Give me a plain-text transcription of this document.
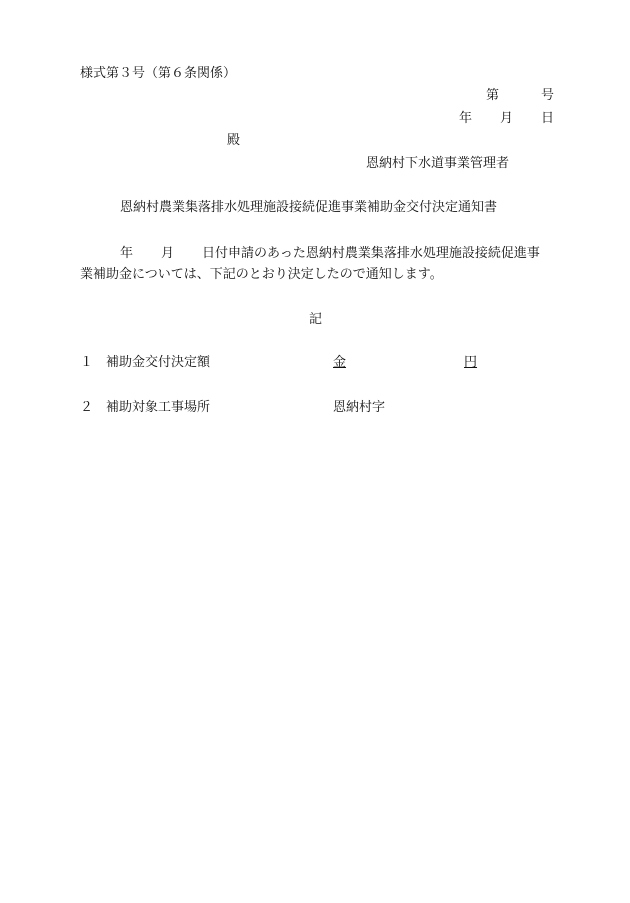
様式第３号（第６条関係）
第	号
年 月 日
殿
恩納村下水道事業管理者
恩納村農業集落排水処理施設接続促進事業補助金交付決定通知書
年 月 日付申請のあった恩納村農業集落排水処理施設接続促進事
業補助金については、下記のとおり決定したので通知します。
記
１ 補助金交付決定額	金	円
２ 補助対象工事場所	恩納村字
